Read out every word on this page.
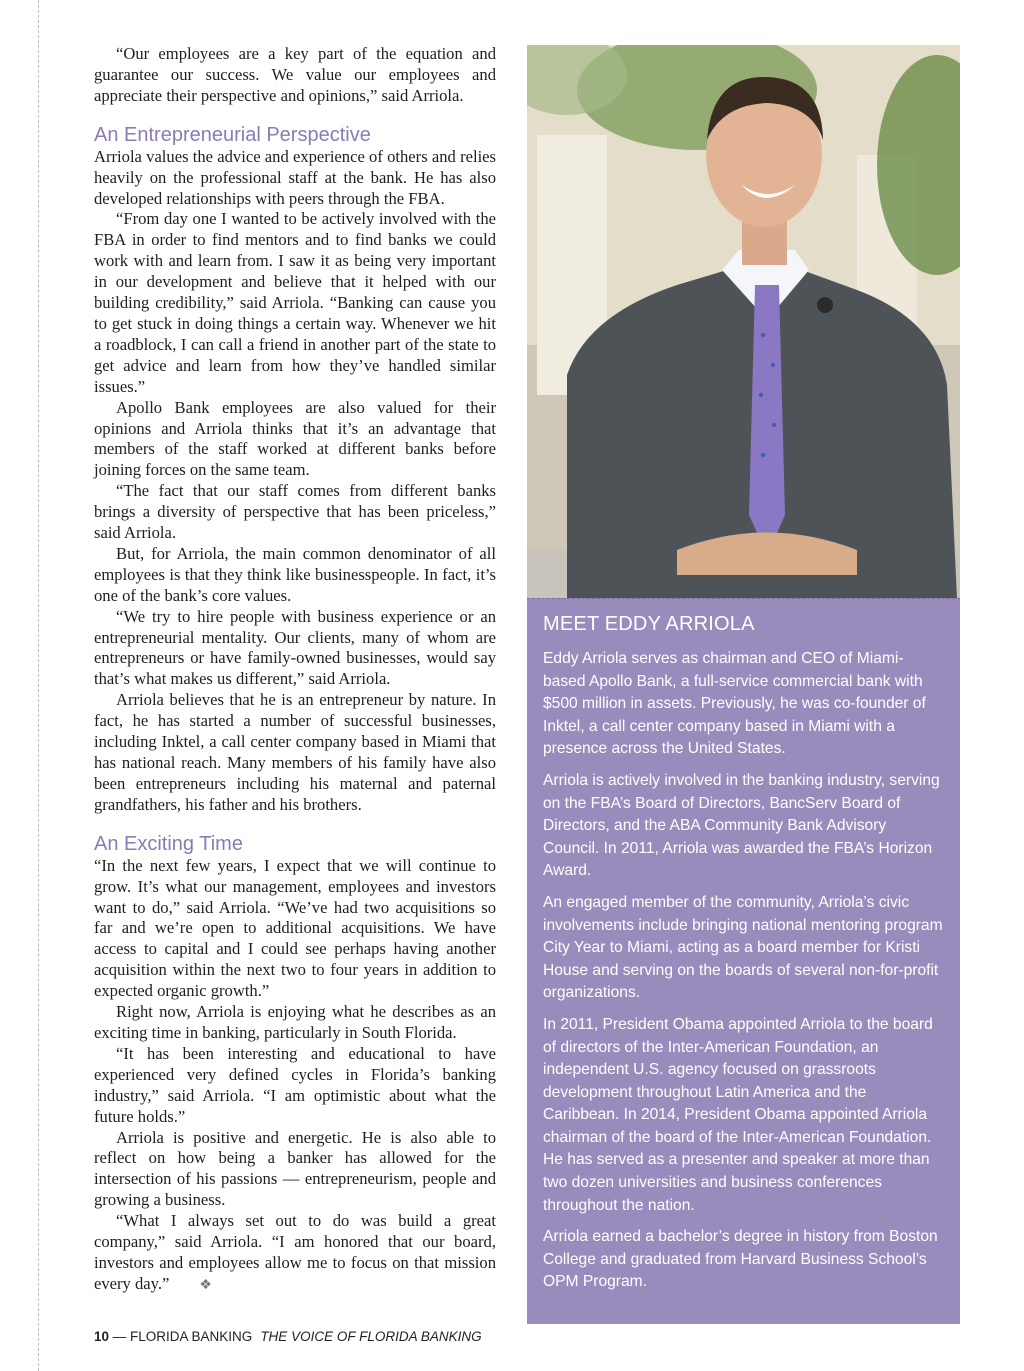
“Our employees are a key part of the equation and guarantee our success. We value our employees and appreciate their perspective and opinions,” said Arriola.

An Entrepreneurial Perspective

Arriola values the advice and experience of others and relies heavily on the professional staff at the bank. He has also developed relationships with peers through the FBA.

“From day one I wanted to be actively involved with the FBA in order to find mentors and to find banks we could work with and learn from. I saw it as being very important in our development and believe that it helped with our building credibility,” said Arriola. “Banking can cause you to get stuck in doing things a certain way. Whenever we hit a roadblock, I can call a friend in another part of the state to get advice and learn from how they’ve handled similar issues.”

Apollo Bank employees are also valued for their opinions and Arriola thinks that it’s an advantage that members of the staff worked at different banks before joining forces on the same team.

“The fact that our staff comes from different banks brings a diversity of perspective that has been priceless,” said Arriola.

But, for Arriola, the main common denominator of all employees is that they think like businesspeople. In fact, it’s one of the bank’s core values.

“We try to hire people with business experience or an entrepreneurial mentality. Our clients, many of whom are entrepreneurs or have family-owned businesses, would say that’s what makes us different,” said Arriola.

Arriola believes that he is an entrepreneur by nature. In fact, he has started a number of successful businesses, including Inktel, a call center company based in Miami that has national reach. Many members of his family have also been entrepreneurs including his maternal and paternal grandfathers, his father and his brothers.

An Exciting Time

“In the next few years, I expect that we will continue to grow. It’s what our management, employees and investors want to do,” said Arriola. “We’ve had two acquisitions so far and we’re open to additional acquisitions. We have access to capital and I could see perhaps having another acquisition within the next two to four years in addition to expected organic growth.”

Right now, Arriola is enjoying what he describes as an exciting time in banking, particularly in South Florida.

“It has been interesting and educational to have experienced very defined cycles in Florida’s banking industry,” said Arriola. “I am optimistic about what the future holds.”

Arriola is positive and energetic. He is also able to reflect on how being a banker has allowed for the intersection of his passions — entrepreneurism, people and growing a business.

“What I always set out to do was build a great company,” said Arriola. “I am honored that our board, investors and employees allow me to focus on that mission every day.” ❖

MEET EDDY ARRIOLA

Eddy Arriola serves as chairman and CEO of Miami-based Apollo Bank, a full-service commercial bank with $500 million in assets. Previously, he was co-founder of Inktel, a call center company based in Miami with a presence across the United States.

Arriola is actively involved in the banking industry, serving on the FBA’s Board of Directors, BancServ Board of Directors, and the ABA Community Bank Advisory Council. In 2011, Arriola was awarded the FBA’s Horizon Award.

An engaged member of the community, Arriola’s civic involvements include bringing national mentoring program City Year to Miami, acting as a board member for Kristi House and serving on the boards of several non-for-profit organizations.

In 2011, President Obama appointed Arriola to the board of directors of the Inter-American Foundation, an independent U.S. agency focused on grassroots development throughout Latin America and the Caribbean. In 2014, President Obama appointed Arriola chairman of the board of the Inter-American Foundation. He has served as a presenter and speaker at more than two dozen universities and business conferences throughout the nation.

Arriola earned a bachelor’s degree in history from Boston College and graduated from Harvard Business School’s OPM Program.

10 — FLORIDA BANKING THE VOICE OF FLORIDA BANKING
